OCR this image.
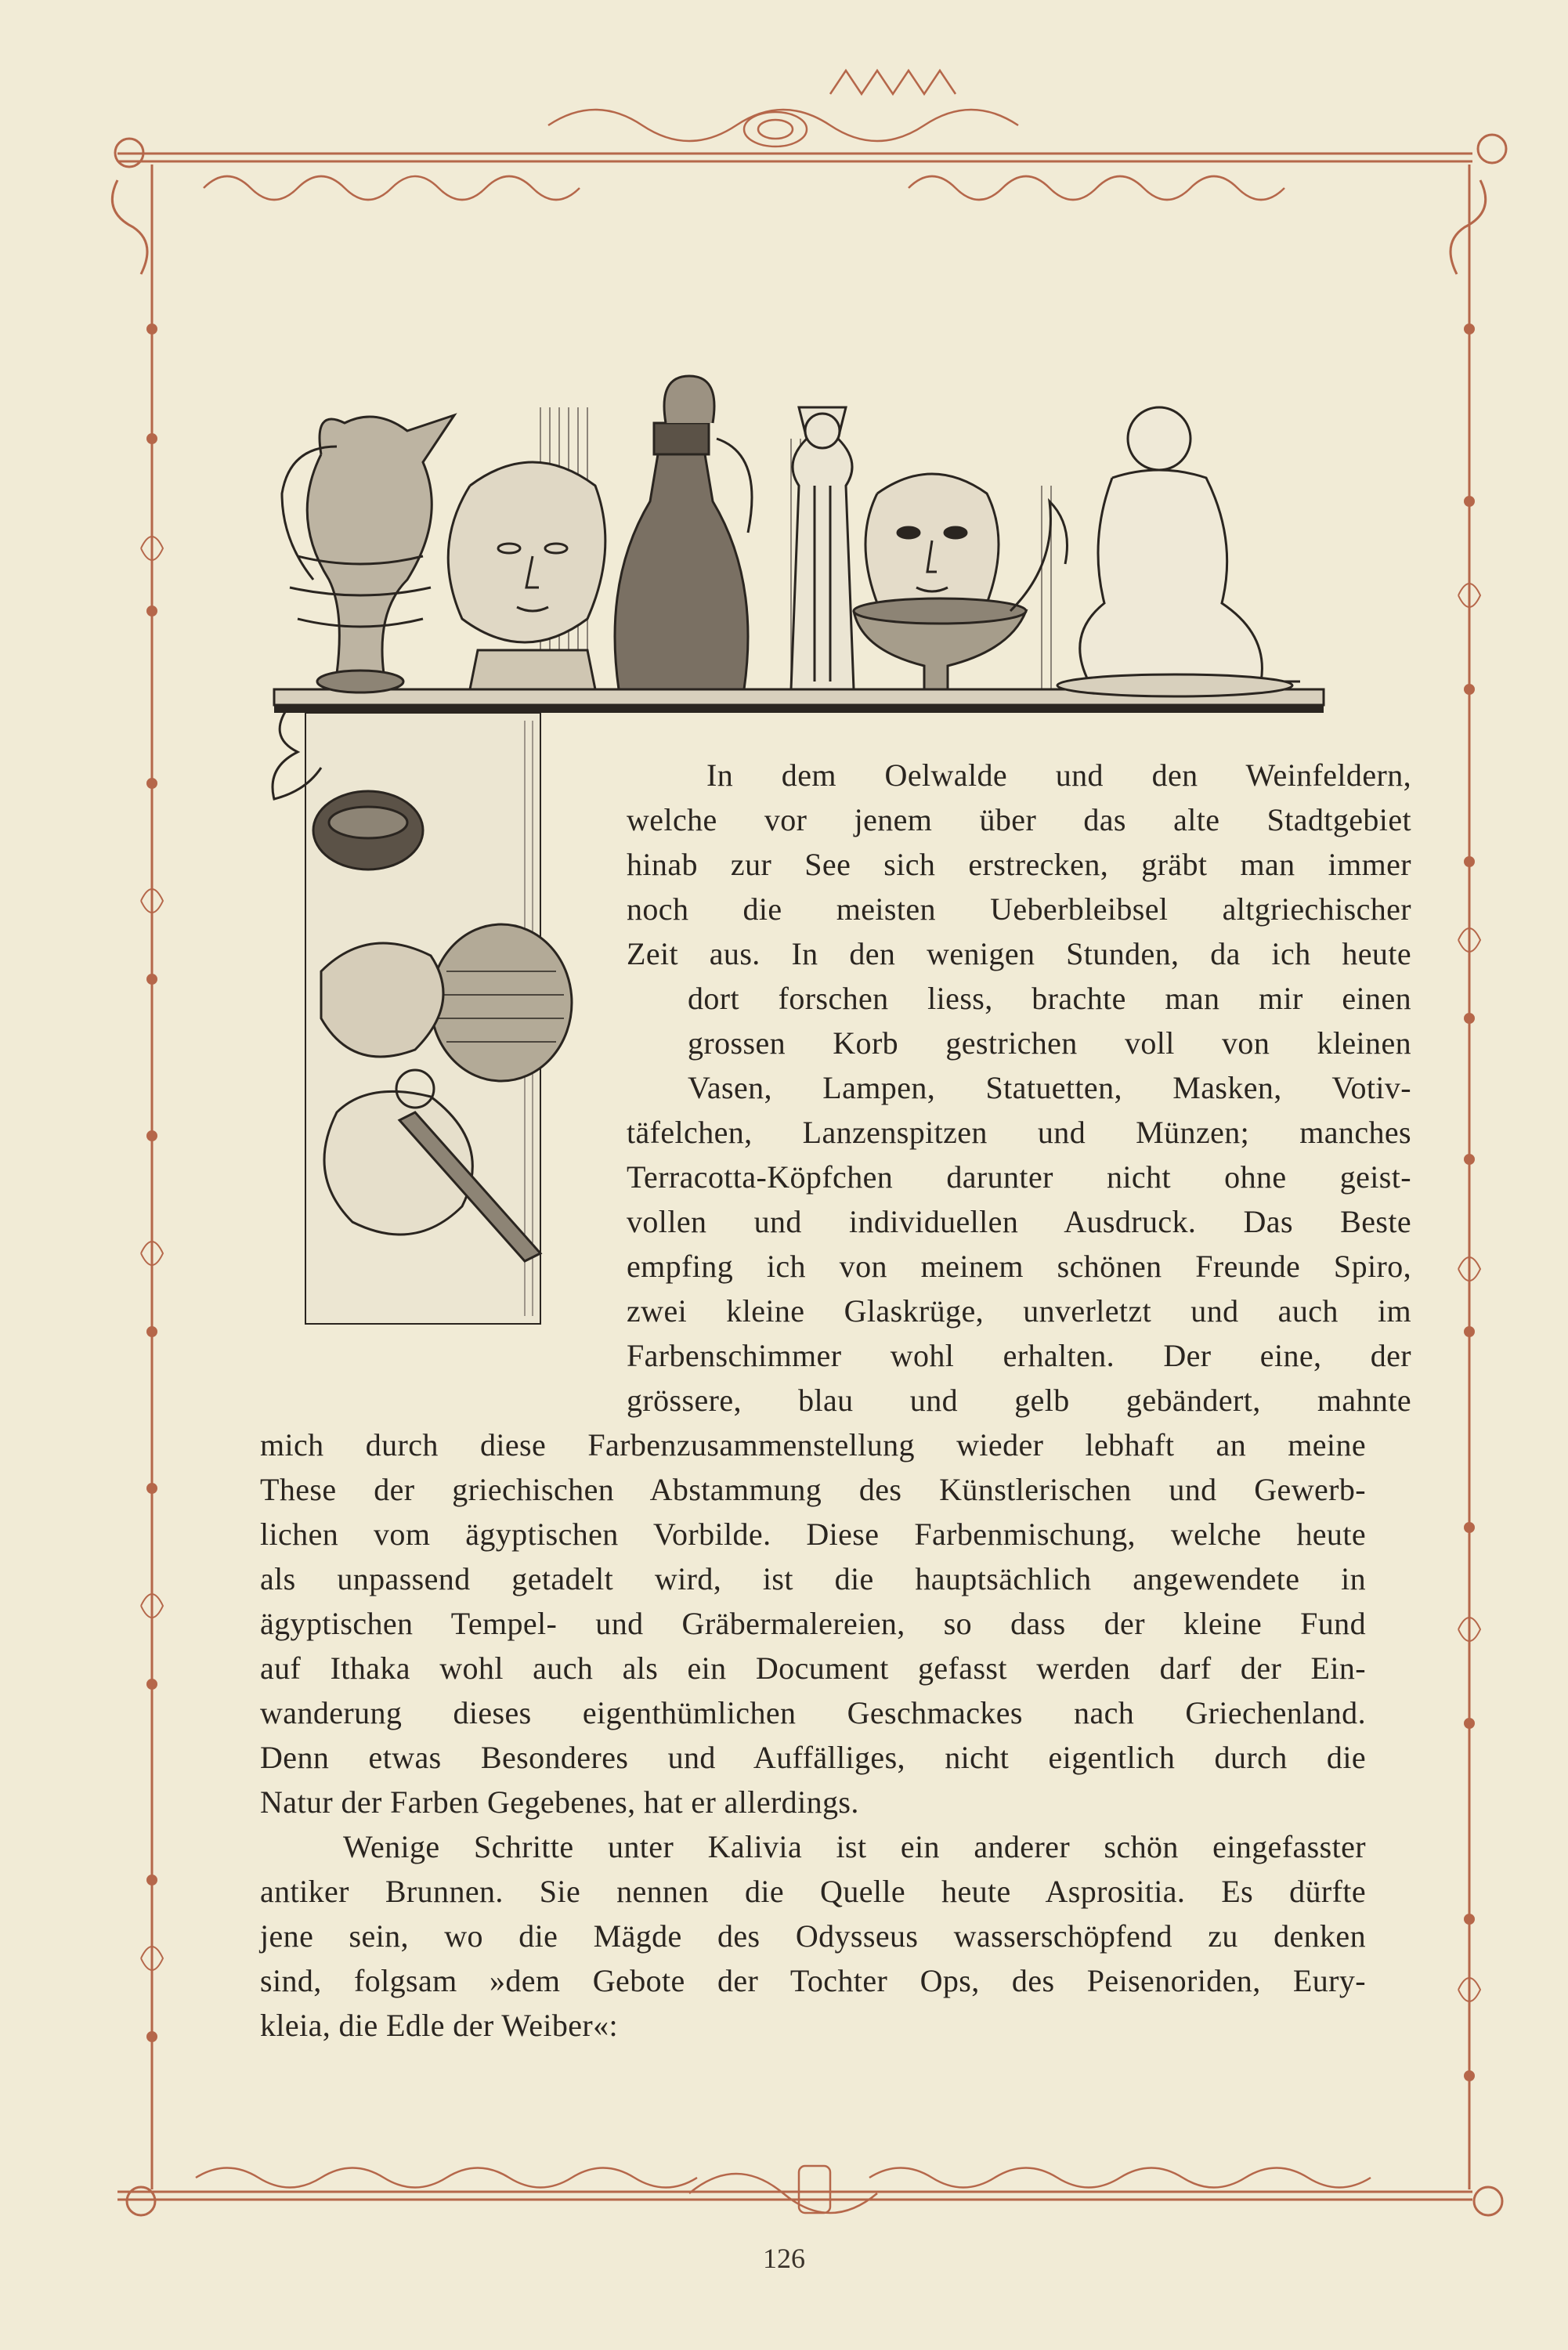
In dem Oelwalde und den Weinfeldern,
welche vor jenem über das alte Stadtgebiet
hinab zur See sich erstrecken, gräbt man immer
noch die meisten Ueberbleibsel altgriechischer
Zeit aus. In den wenigen Stunden, da ich heute
dort forschen liess, brachte man mir einen
grossen Korb gestrichen voll von kleinen
Vasen, Lampen, Statuetten, Masken, Votiv-
täfelchen, Lanzenspitzen und Münzen; manches
Terracotta-Köpfchen darunter nicht ohne geist-
vollen und individuellen Ausdruck. Das Beste
empfing ich von meinem schönen Freunde Spiro,
zwei kleine Glaskrüge, unverletzt und auch im
Farbenschimmer wohl erhalten. Der eine, der
grössere, blau und gelb gebändert, mahnte
mich durch diese Farbenzusammenstellung wieder lebhaft an meine
These der griechischen Abstammung des Künstlerischen und Gewerb-
lichen vom ägyptischen Vorbilde. Diese Farbenmischung, welche heute
als unpassend getadelt wird, ist die hauptsächlich angewendete in
ägyptischen Tempel- und Gräbermalereien, so dass der kleine Fund
auf Ithaka wohl auch als ein Document gefasst werden darf der Ein-
wanderung dieses eigenthümlichen Geschmackes nach Griechenland.
Denn etwas Besonderes und Auffälliges, nicht eigentlich durch die
Natur der Farben Gegebenes, hat er allerdings.
Wenige Schritte unter Kalivia ist ein anderer schön eingefasster
antiker Brunnen. Sie nennen die Quelle heute Asprositia. Es dürfte
jene sein, wo die Mägde des Odysseus wasserschöpfend zu denken
sind, folgsam »dem Gebote der Tochter Ops, des Peisenoriden, Eury-
kleia, die Edle der Weiber«:
126
